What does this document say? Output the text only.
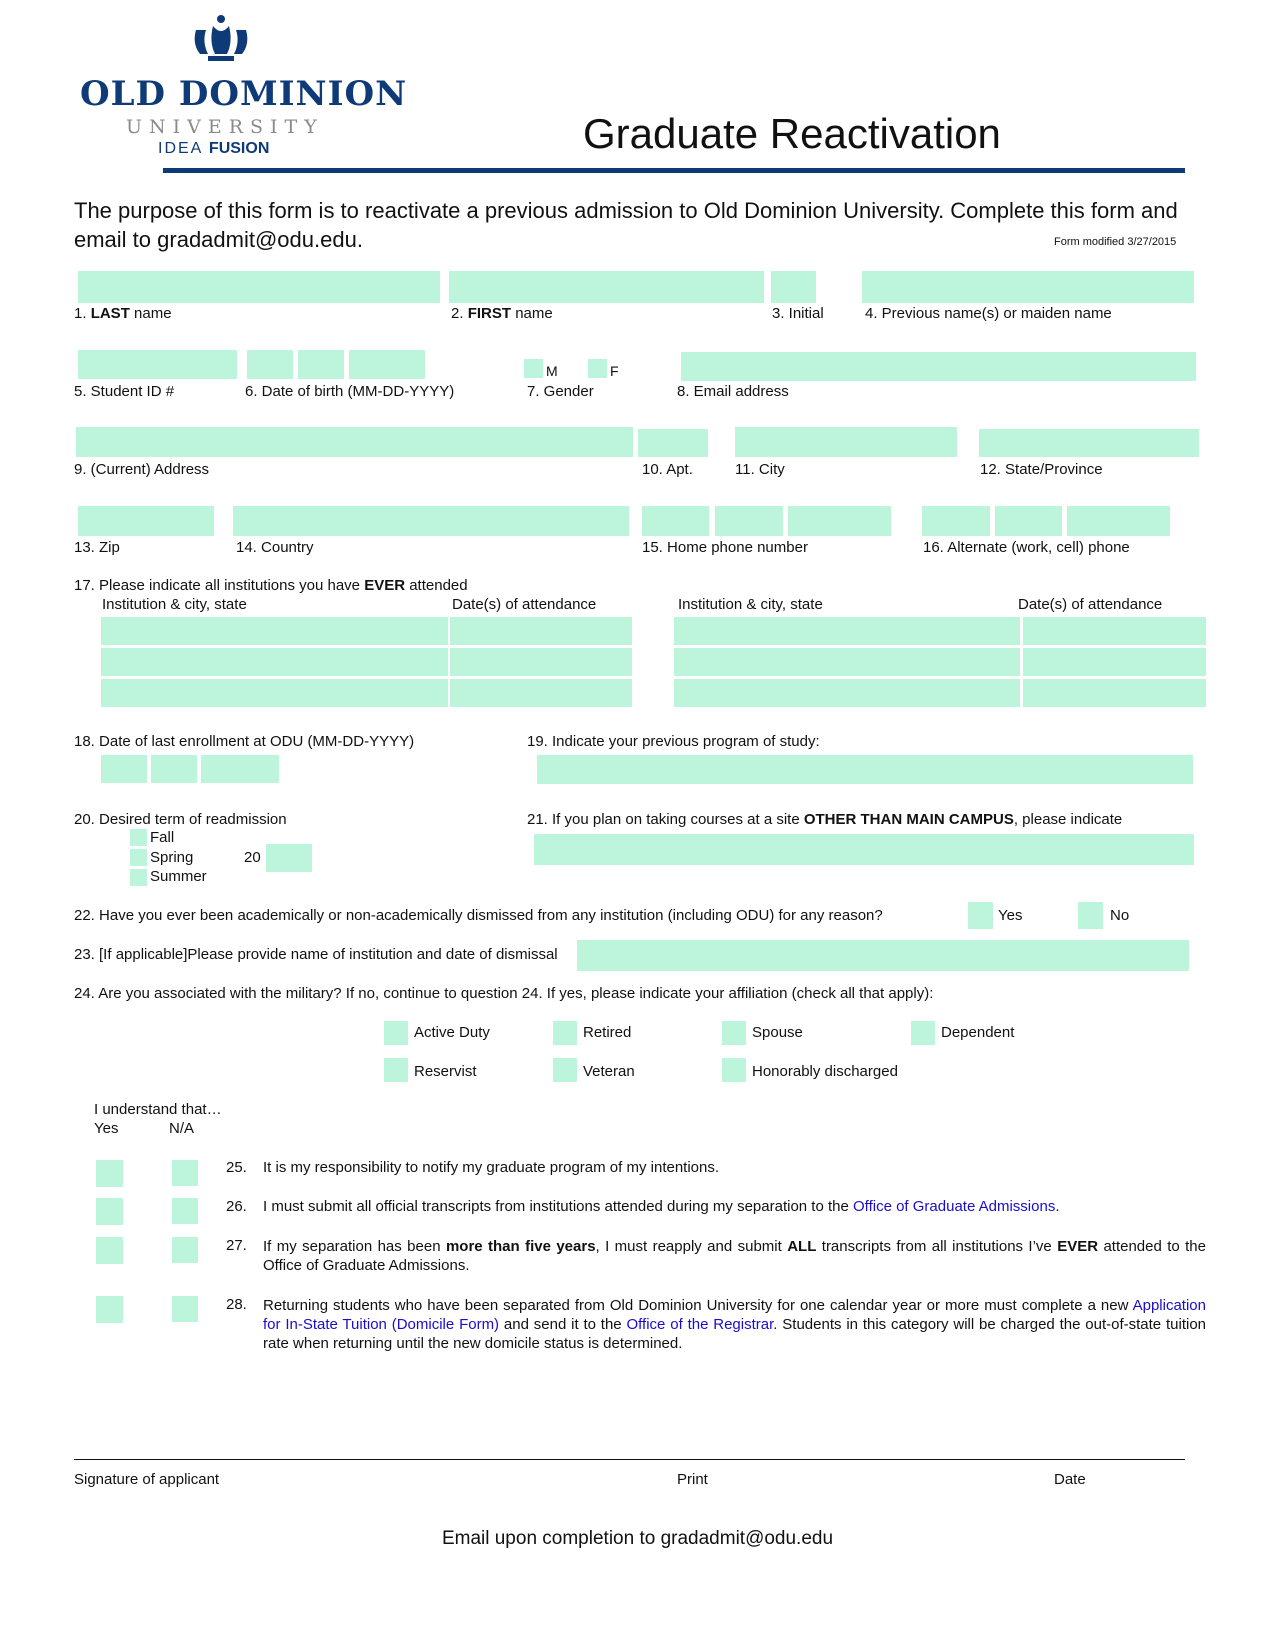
OLD DOMINION
UNIVERSITY
IDEA FUSION	Graduate Reactivation
The purpose of this form is to reactivate a previous admission to Old Dominion University. Complete this form and email to gradadmit@odu.edu.	Form modified 3/27/2015
1. LAST name	2. FIRST name	3. Initial	4. Previous name(s) or maiden name
M	F
5. Student ID #	6. Date of birth (MM-DD-YYYY)	7. Gender	8. Email address
9. (Current) Address	10. Apt.	11. City	12. State/Province
13. Zip	14. Country	15. Home phone number	16. Alternate (work, cell) phone
17. Please indicate all institutions you have EVER attended
Institution & city, state	Date(s) of attendance	Institution & city, state	Date(s) of attendance
18. Date of last enrollment at ODU (MM-DD-YYYY)	19. Indicate your previous program of study:
20. Desired term of readmission
Fall
Spring
Summer
20
21. If you plan on taking courses at a site OTHER THAN MAIN CAMPUS, please indicate
22. Have you ever been academically or non-academically dismissed from any institution (including ODU) for any reason?	Yes	No
23. [If applicable]Please provide name of institution and date of dismissal
24. Are you associated with the military? If no, continue to question 24. If yes, please indicate your affiliation (check all that apply):
Active Duty	Retired	Spouse	Dependent
Reservist	Veteran	Honorably discharged
I understand that…
Yes	N/A
25. It is my responsibility to notify my graduate program of my intentions.
26. I must submit all official transcripts from institutions attended during my separation to the Office of Graduate Admissions.
27. If my separation has been more than five years, I must reapply and submit ALL transcripts from all institutions I’ve EVER attended to the Office of Graduate Admissions.
28. Returning students who have been separated from Old Dominion University for one calendar year or more must complete a new Application for In-State Tuition (Domicile Form) and send it to the Office of the Registrar. Students in this category will be charged the out-of-state tuition rate when returning until the new domicile status is determined.
Signature of applicant	Print	Date
Email upon completion to gradadmit@odu.edu
